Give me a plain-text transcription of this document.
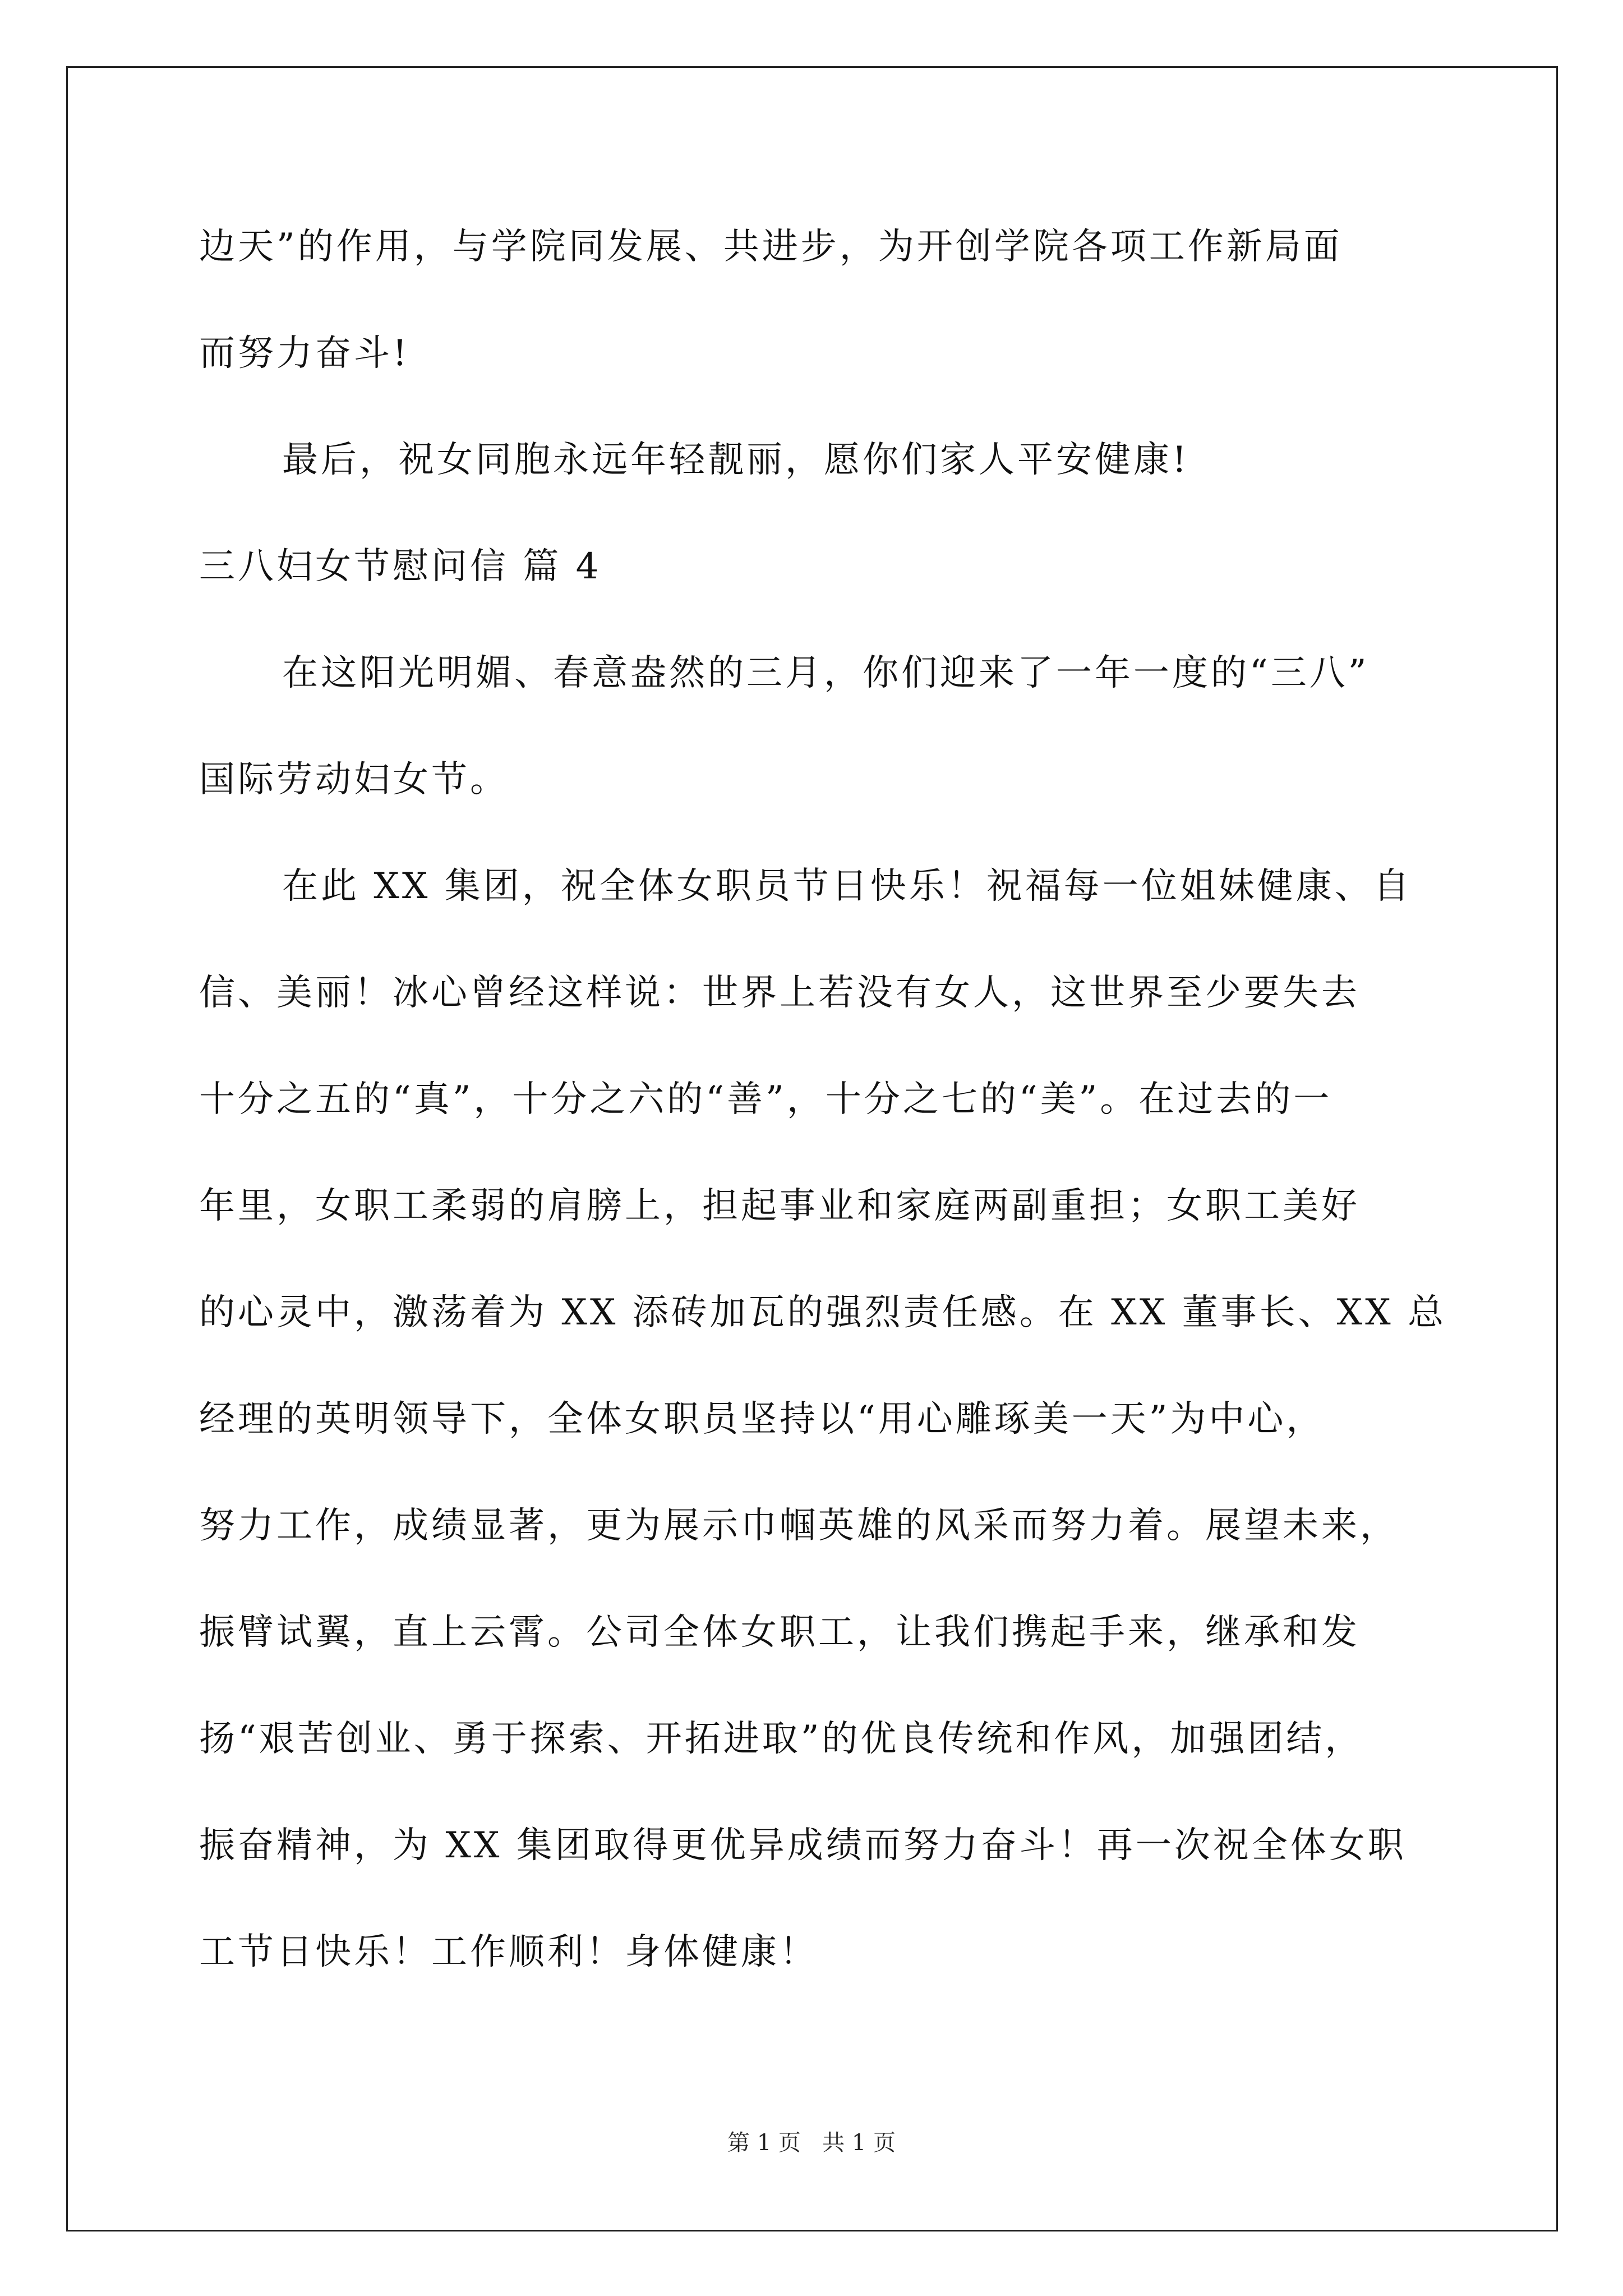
边天”的作用，与学院同发展、共进步，为开创学院各项工作新局面
而努力奋斗!
最后，祝女同胞永远年轻靓丽，愿你们家人平安健康!
三八妇女节慰问信 篇 4
在这阳光明媚、春意盎然的三月，你们迎来了一年一度的“三八”
国际劳动妇女节。
在此 XX 集团，祝全体女职员节日快乐！祝福每一位姐妹健康、自
信、美丽！冰心曾经这样说：世界上若没有女人，这世界至少要失去
十分之五的“真”，十分之六的“善”，十分之七的“美”。在过去的一
年里，女职工柔弱的肩膀上，担起事业和家庭两副重担；女职工美好
的心灵中，激荡着为 XX 添砖加瓦的强烈责任感。在 XX 董事长、XX 总
经理的英明领导下，全体女职员坚持以“用心雕琢美一天”为中心，
努力工作，成绩显著，更为展示巾帼英雄的风采而努力着。展望未来，
振臂试翼，直上云霄。公司全体女职工，让我们携起手来，继承和发
扬“艰苦创业、勇于探索、开拓进取”的优良传统和作风，加强团结，
振奋精神，为 XX 集团取得更优异成绩而努力奋斗！再一次祝全体女职
工节日快乐！工作顺利！身体健康！
第 1 页   共 1 页
